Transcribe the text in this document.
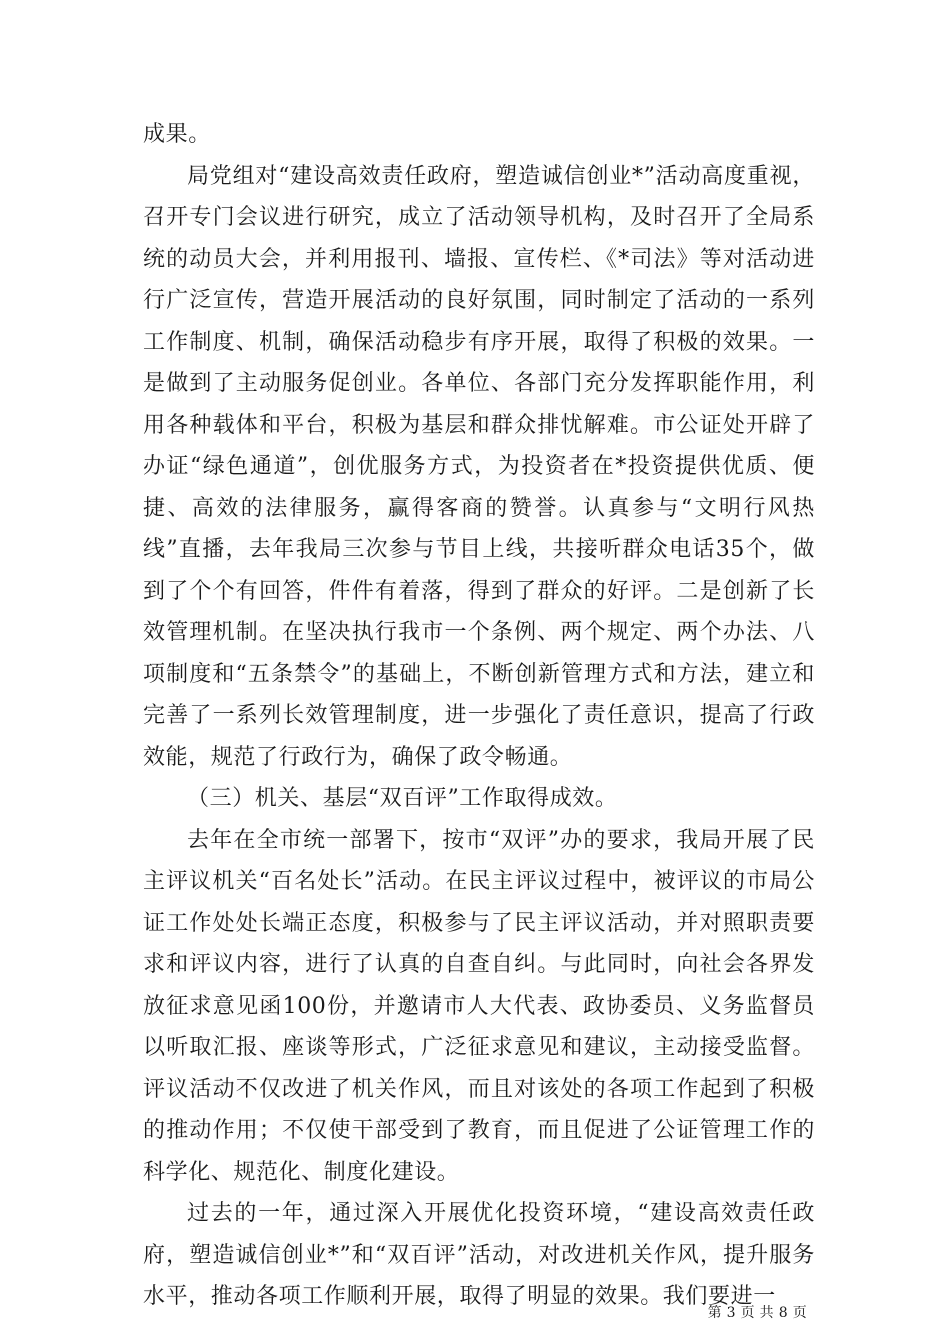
成果。

局党组对“建设高效责任政府，塑造诚信创业*”活动高度重视，召开专门会议进行研究，成立了活动领导机构，及时召开了全局系统的动员大会，并利用报刊、墙报、宣传栏、《*司法》等对活动进行广泛宣传，营造开展活动的良好氛围，同时制定了活动的一系列工作制度、机制，确保活动稳步有序开展，取得了积极的效果。一是做到了主动服务促创业。各单位、各部门充分发挥职能作用，利用各种载体和平台，积极为基层和群众排忧解难。市公证处开辟了办证“绿色通道”，创优服务方式，为投资者在*投资提供优质、便捷、高效的法律服务，赢得客商的赞誉。认真参与“文明行风热线”直播，去年我局三次参与节目上线，共接听群众电话35个，做到了个个有回答，件件有着落，得到了群众的好评。二是创新了长效管理机制。在坚决执行我市一个条例、两个规定、两个办法、八项制度和“五条禁令”的基础上，不断创新管理方式和方法，建立和完善了一系列长效管理制度，进一步强化了责任意识，提高了行政效能，规范了行政行为，确保了政令畅通。

（三）机关、基层“双百评”工作取得成效。

去年在全市统一部署下，按市“双评”办的要求，我局开展了民主评议机关“百名处长”活动。在民主评议过程中，被评议的市局公证工作处处长端正态度，积极参与了民主评议活动，并对照职责要求和评议内容，进行了认真的自查自纠。与此同时，向社会各界发放征求意见函100份，并邀请市人大代表、政协委员、义务监督员以听取汇报、座谈等形式，广泛征求意见和建议，主动接受监督。评议活动不仅改进了机关作风，而且对该处的各项工作起到了积极的推动作用；不仅使干部受到了教育，而且促进了公证管理工作的科学化、规范化、制度化建设。

过去的一年，通过深入开展优化投资环境，“建设高效责任政府，塑造诚信创业*”和“双百评”活动，对改进机关作风，提升服务水平，推动各项工作顺利开展，取得了明显的效果。我们要进一

第 3 页 共 8 页
